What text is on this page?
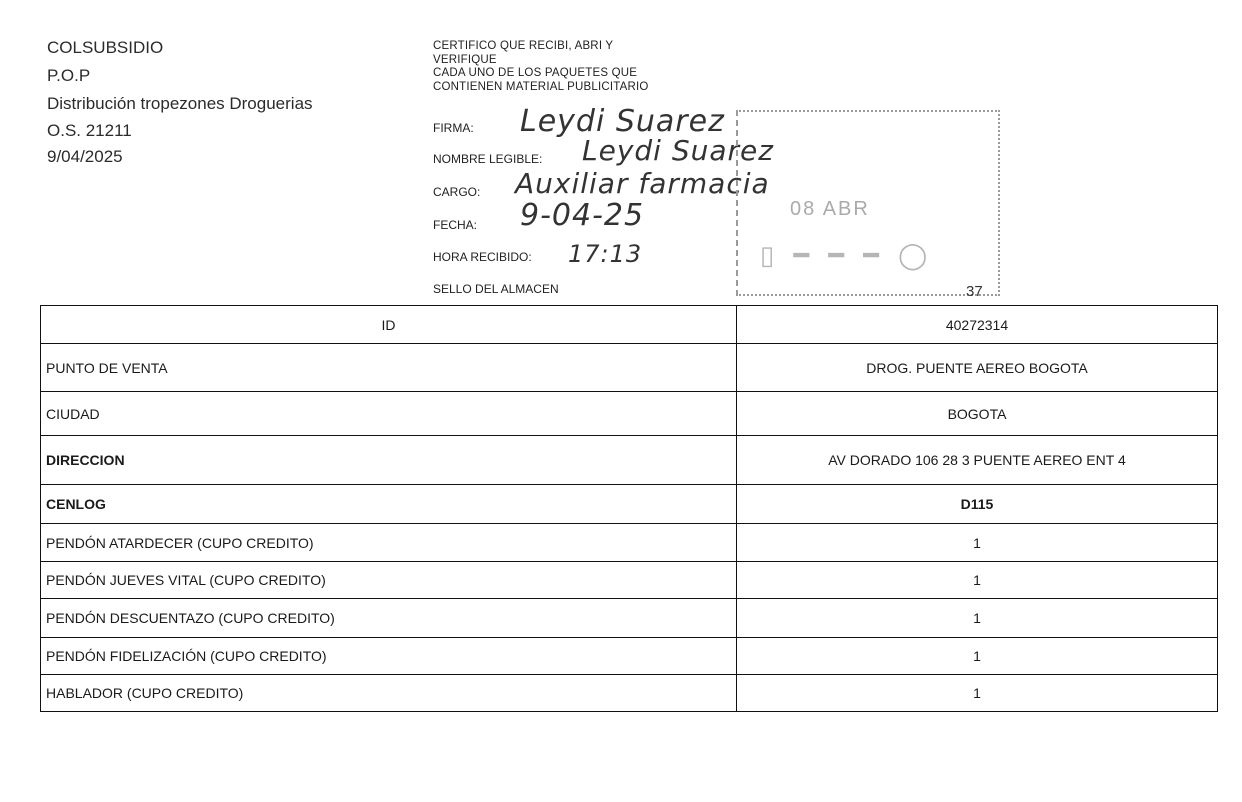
COLSUBSIDIO
P.O.P
Distribución tropezones Droguerias
O.S. 21211
9/04/2025
CERTIFICO QUE RECIBI, ABRI Y
VERIFIQUE
CADA UNO DE LOS PAQUETES QUE
CONTIENEN MATERIAL PUBLICITARIO
FIRMA: Leydi Suarez
NOMBRE LEGIBLE: Leydi Suarez
CARGO: Auxiliar farmacia
FECHA: 9-04-25
HORA RECIBIDO: 17:13
SELLO DEL ALMACEN
08 ABR
▯ ━ ━ ━ ◯
37
ID	40272314
PUNTO DE VENTA	DROG. PUENTE AEREO BOGOTA
CIUDAD	BOGOTA
DIRECCION	AV DORADO 106 28 3 PUENTE AEREO ENT 4
CENLOG	D115
PENDÓN ATARDECER (CUPO CREDITO)	1
PENDÓN JUEVES VITAL (CUPO CREDITO)	1
PENDÓN DESCUENTAZO (CUPO CREDITO)	1
PENDÓN FIDELIZACIÓN (CUPO CREDITO)	1
HABLADOR (CUPO CREDITO)	1
